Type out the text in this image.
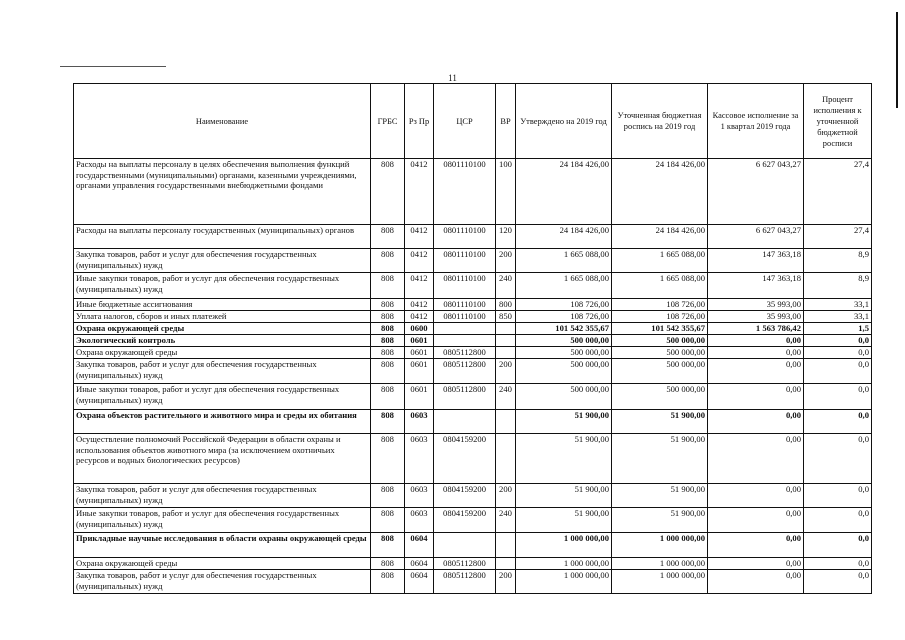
11
Наименование	ГРБС	Рз Пр	ЦСР	ВР	Утверждено на 2019 год	Уточненная бюджетная роспись на 2019 год	Кассовое исполнение за 1 квартал 2019 года	Процент исполнения к уточненной бюджетной росписи
Расходы на выплаты персоналу в целях обеспечения выполнения функций государственными (муниципальными) органами, казенными учреждениями, органами управления государственными внебюджетными фондами	808	0412	0801110100	100	24 184 426,00	24 184 426,00	6 627 043,27	27,4
Расходы на выплаты персоналу государственных (муниципальных) органов	808	0412	0801110100	120	24 184 426,00	24 184 426,00	6 627 043,27	27,4
Закупка товаров, работ и услуг для обеспечения государственных (муниципальных) нужд	808	0412	0801110100	200	1 665 088,00	1 665 088,00	147 363,18	8,9
Иные закупки товаров, работ и услуг для обеспечения государственных (муниципальных) нужд	808	0412	0801110100	240	1 665 088,00	1 665 088,00	147 363,18	8,9
Иные бюджетные ассигнования	808	0412	0801110100	800	108 726,00	108 726,00	35 993,00	33,1
Уплата налогов, сборов и иных платежей	808	0412	0801110100	850	108 726,00	108 726,00	35 993,00	33,1
Охрана окружающей среды	808	0600			101 542 355,67	101 542 355,67	1 563 786,42	1,5
Экологический контроль	808	0601			500 000,00	500 000,00	0,00	0,0
Охрана окружающей среды	808	0601	0805112800		500 000,00	500 000,00	0,00	0,0
Закупка товаров, работ и услуг для обеспечения государственных (муниципальных) нужд	808	0601	0805112800	200	500 000,00	500 000,00	0,00	0,0
Иные закупки товаров, работ и услуг для обеспечения государственных (муниципальных) нужд	808	0601	0805112800	240	500 000,00	500 000,00	0,00	0,0
Охрана объектов растительного и животного мира и среды их обитания	808	0603			51 900,00	51 900,00	0,00	0,0
Осуществление полномочий Российской Федерации в области охраны и использования объектов животного мира (за исключением охотничьих ресурсов и водных биологических ресурсов)	808	0603	0804159200		51 900,00	51 900,00	0,00	0,0
Закупка товаров, работ и услуг для обеспечения государственных (муниципальных) нужд	808	0603	0804159200	200	51 900,00	51 900,00	0,00	0,0
Иные закупки товаров, работ и услуг для обеспечения государственных (муниципальных) нужд	808	0603	0804159200	240	51 900,00	51 900,00	0,00	0,0
Прикладные научные исследования в области охраны окружающей среды	808	0604			1 000 000,00	1 000 000,00	0,00	0,0
Охрана окружающей среды	808	0604	0805112800		1 000 000,00	1 000 000,00	0,00	0,0
Закупка товаров, работ и услуг для обеспечения государственных (муниципальных) нужд	808	0604	0805112800	200	1 000 000,00	1 000 000,00	0,00	0,0
